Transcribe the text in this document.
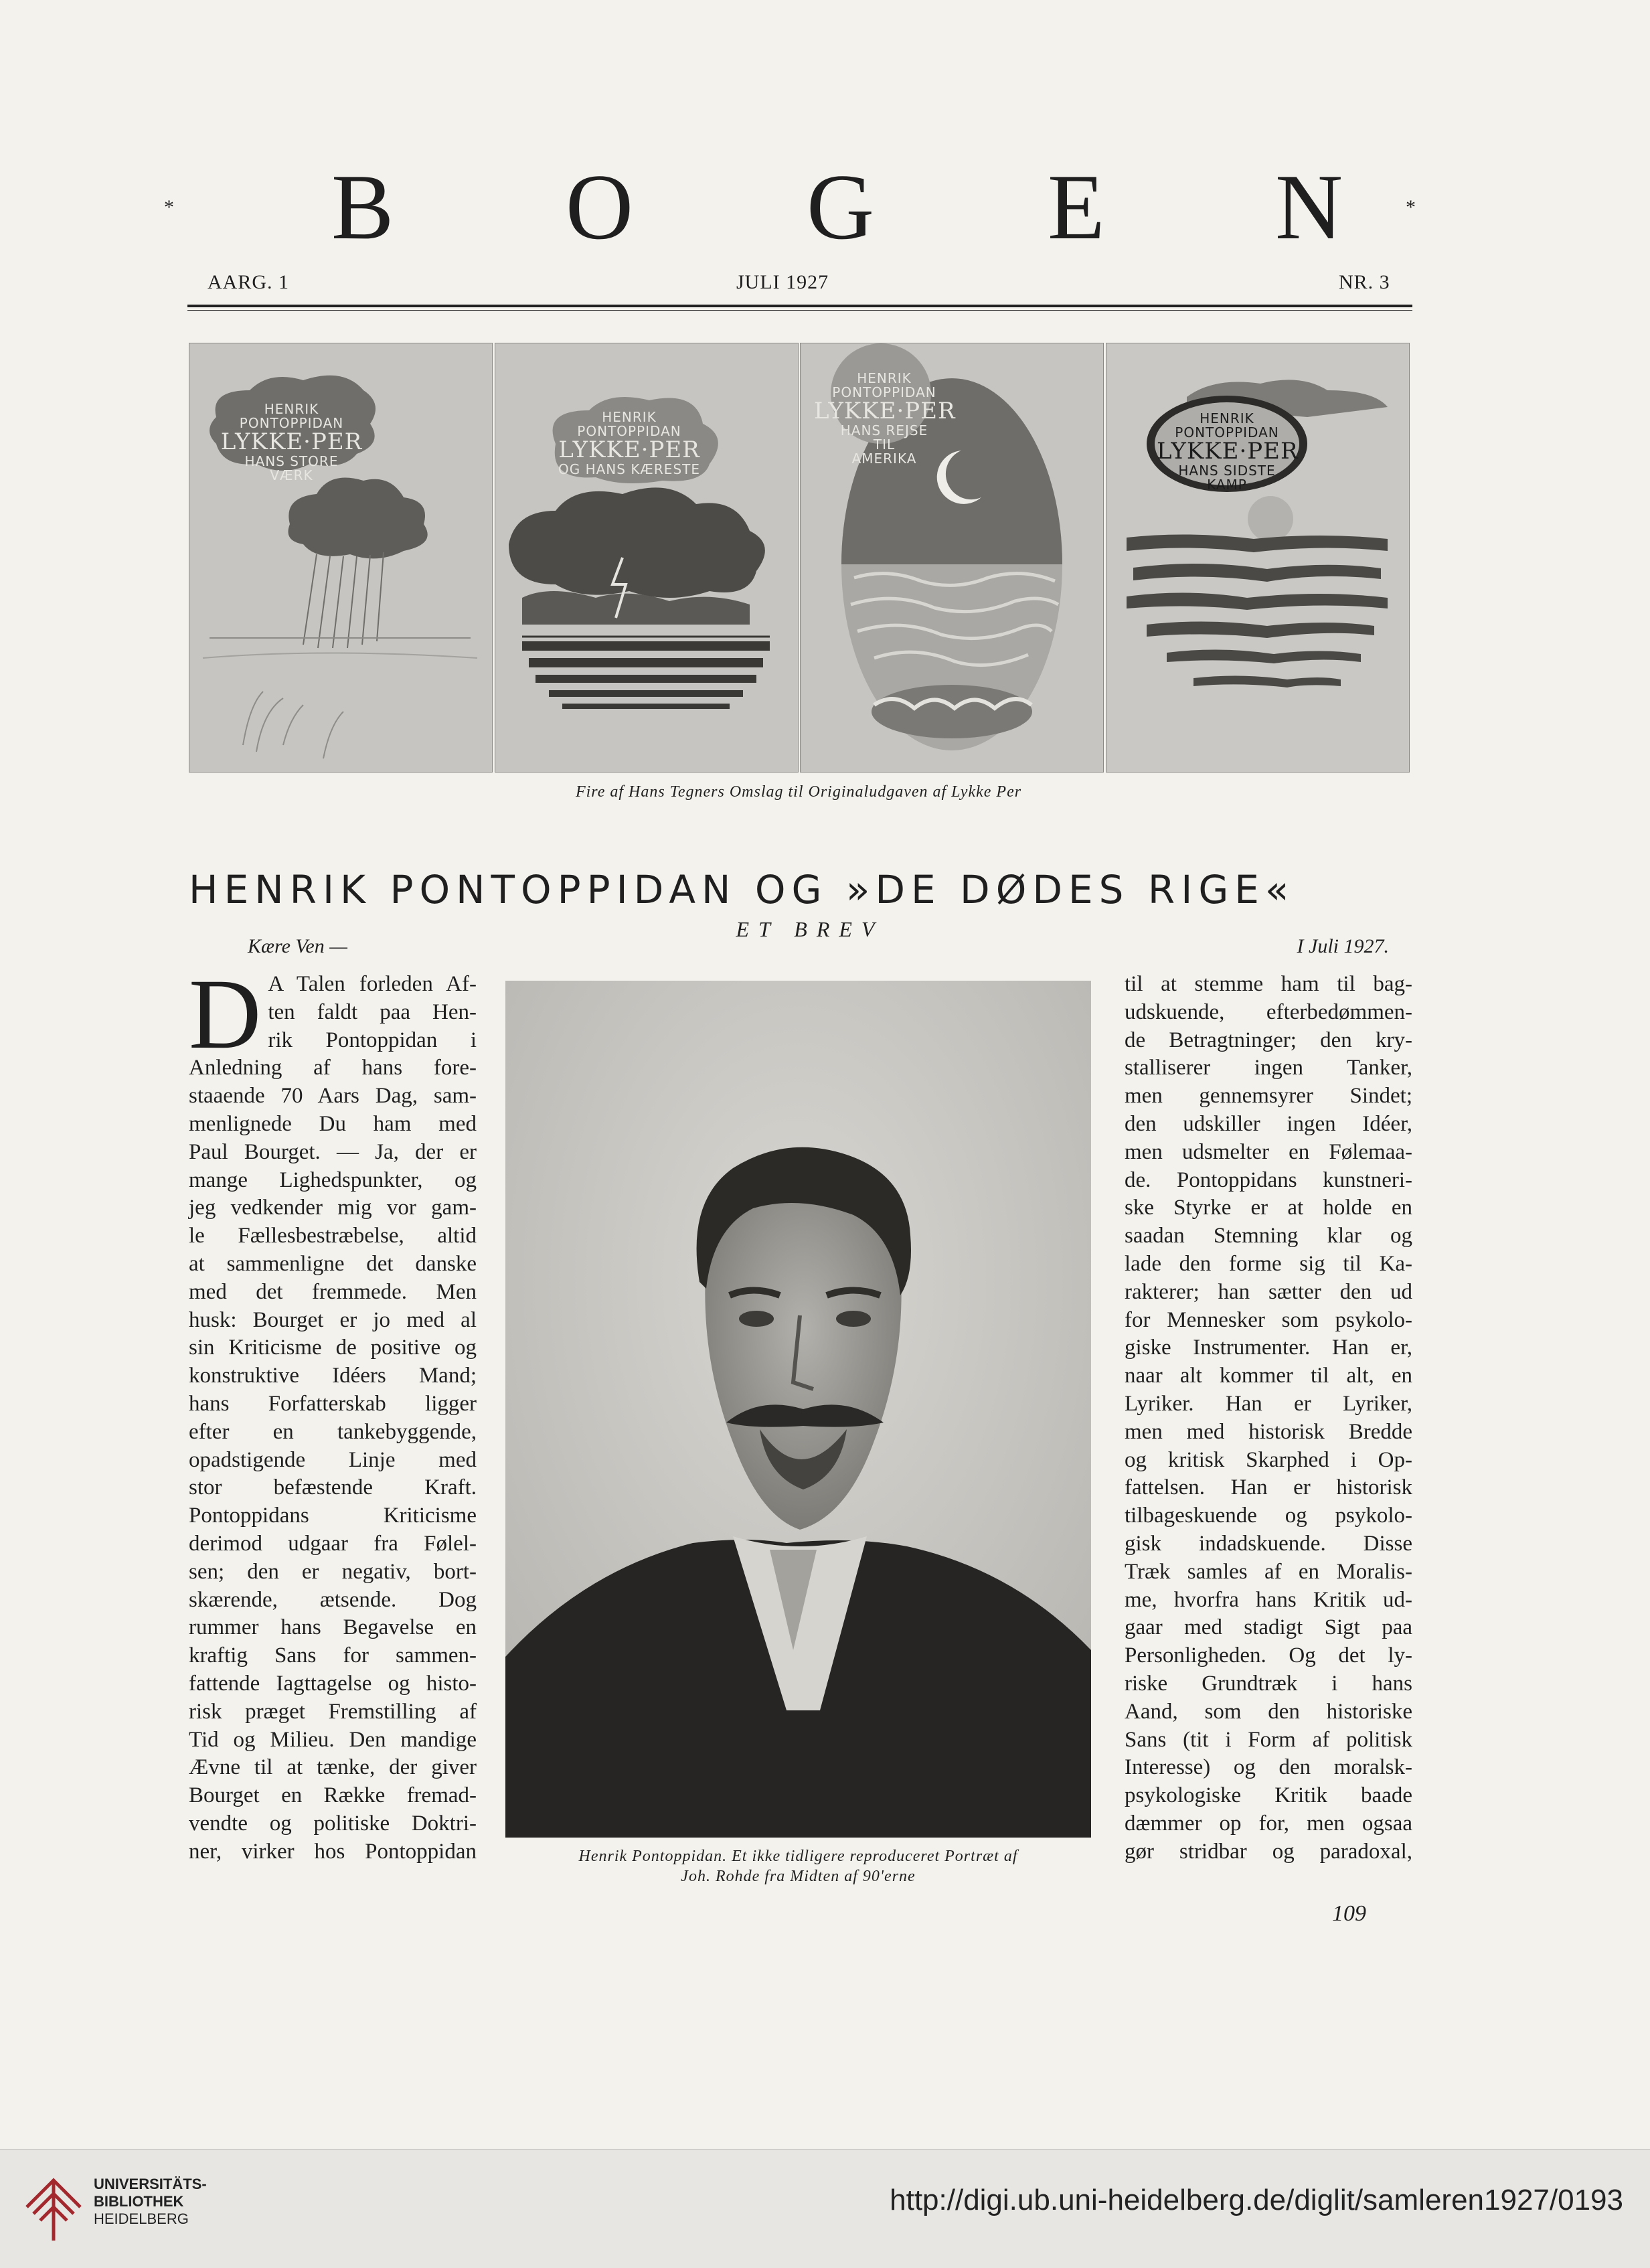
* B O G E N	*
AARG. 1	JULI 1927	NR. 3
HENRIK
PONTOPPIDAN
LYKKE·PER
HANS STORE
VÆRK
HENRIK
PONTOPPIDAN
LYKKE·PER
OG HANS KÆRESTE
HENRIK
PONTOPPIDAN
LYKKE·PER
HANS REJSE
TIL
AMERIKA
HENRIK
PONTOPPIDAN
LYKKE·PER
HANS SIDSTE
KAMP
Fire af Hans Tegners Omslag til Originaludgaven af Lykke Per
HENRIK PONTOPPIDAN OG »DE DØDES RIGE«
ET BREV
Kære Ven —	I Juli 1927.
D A Talen forleden Af-
ten faldt paa Hen-
rik Pontoppidan i
Anledning af hans fore-
staaende 70 Aars Dag, sam-
menlignede Du ham med
Paul Bourget. — Ja, der er
mange Lighedspunkter, og
jeg vedkender mig vor gam-
le Fællesbestræbelse, altid
at sammenligne det danske
med det fremmede. Men
husk: Bourget er jo med al
sin Kriticisme de positive og
konstruktive Idéers Mand;
hans Forfatterskab ligger
efter en tankebyggende,
opadstigende Linje med
stor befæstende Kraft.
Pontoppidans Kriticisme
derimod udgaar fra Følel-
sen; den er negativ, bort-
skærende, ætsende. Dog
rummer hans Begavelse en
kraftig Sans for sammen-
fattende Iagttagelse og histo-
risk præget Fremstilling af
Tid og Milieu. Den mandige
Ævne til at tænke, der giver
Bourget en Række fremad-
vendte og politiske Doktri-
ner, virker hos Pontoppidan	Henrik Pontoppidan. Et ikke tidligere reproduceret Portræt af
Joh. Rohde fra Midten af 90'erne
til at stemme ham til bag-
udskuende, efterbedømmen-
de Betragtninger; den kry-
stalliserer ingen Tanker,
men gennemsyrer Sindet;
den udskiller ingen Idéer,
men udsmelter en Følemaa-
de. Pontoppidans kunstneri-
ske Styrke er at holde en
saadan Stemning klar og
lade den forme sig til Ka-
rakterer; han sætter den ud
for Mennesker som psykolo-
giske Instrumenter. Han er,
naar alt kommer til alt, en
Lyriker. Han er Lyriker,
men med historisk Bredde
og kritisk Skarphed i Op-
fattelsen. Han er historisk
tilbageskuende og psykolo-
gisk indadskuende. Disse
Træk samles af en Moralis-
me, hvorfra hans Kritik ud-
gaar med stadigt Sigt paa
Personligheden. Og det ly-
riske Grundtræk i hans
Aand, som den historiske
Sans (tit i Form af politisk
Interesse) og den moralsk-
psykologiske Kritik baade
dæmmer op for, men ogsaa
gør stridbar og paradoxal,
109
UNIVERSITÄTS-
BIBLIOTHEK
HEIDELBERG
http://digi.ub.uni-heidelberg.de/diglit/samleren1927/0193
